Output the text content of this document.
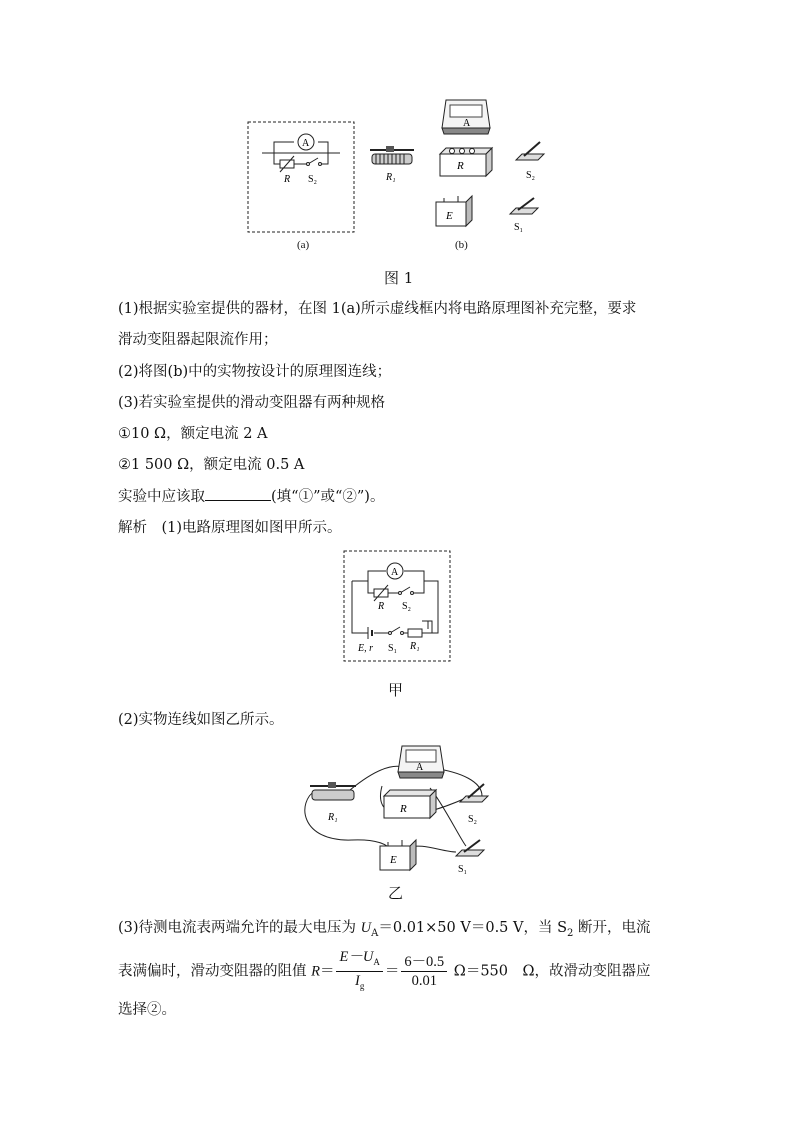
A
R S₂
(a)
A
R₁
R
S₂
E
S₁
(b)
图 1
(1)根据实验室提供的器材，在图 1(a)所示虚线框内将电路原理图补充完整，要求
滑动变阻器起限流作用；
(2)将图(b)中的实物按设计的原理图连线；
(3)若实验室提供的滑动变阻器有两种规格
①10 Ω，额定电流 2 A
②1 500 Ω，额定电流 0.5 A
实验中应该取	(填“①”或“②”)。
解析　(1)电路原理图如图甲所示。
A
R S₂
E, r S₁ R₁
甲
(2)实物连线如图乙所示。
A
R₁
R
S₂
E
S₁
乙
(3)待测电流表两端允许的最大电压为 $U_A=0.01\times 50$ V＝0.5 V，当 $S_2$ 断开，电流
表满偏时，滑动变阻器的阻值 $R= \frac{E-U_A}{I_g} = \frac{6-0.5}{0.01} \Omega=550$　Ω，故滑动变阻器应
选择②。
